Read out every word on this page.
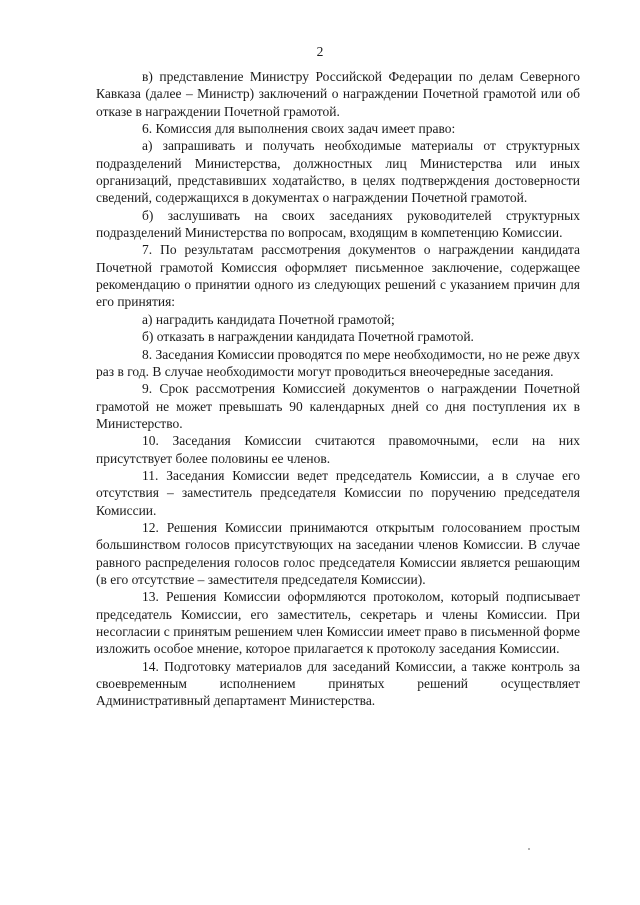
2

в) представление Министру Российской Федерации по делам Северного Кавказа (далее – Министр) заключений о награждении Почетной грамотой или об отказе в награждении Почетной грамотой.

6. Комиссия для выполнения своих задач имеет право:

а) запрашивать и получать необходимые материалы от структурных подразделений Министерства, должностных лиц Министерства или иных организаций, представивших ходатайство, в целях подтверждения достоверности сведений, содержащихся в документах о награждении Почетной грамотой.

б) заслушивать на своих заседаниях руководителей структурных подразделений Министерства по вопросам, входящим в компетенцию Комиссии.

7. По результатам рассмотрения документов о награждении кандидата Почетной грамотой Комиссия оформляет письменное заключение, содержащее рекомендацию о принятии одного из следующих решений с указанием причин для его принятия:

а) наградить кандидата Почетной грамотой;

б) отказать в награждении кандидата Почетной грамотой.

8. Заседания Комиссии проводятся по мере необходимости, но не реже двух раз в год. В случае необходимости могут проводиться внеочередные заседания.

9. Срок рассмотрения Комиссией документов о награждении Почетной грамотой не может превышать 90 календарных дней со дня поступления их в Министерство.

10. Заседания Комиссии считаются правомочными, если на них присутствует более половины ее членов.

11. Заседания Комиссии ведет председатель Комиссии, а в случае его отсутствия – заместитель председателя Комиссии по поручению председателя Комиссии.

12. Решения Комиссии принимаются открытым голосованием простым большинством голосов присутствующих на заседании членов Комиссии. В случае равного распределения голосов голос председателя Комиссии является решающим (в его отсутствие – заместителя председателя Комиссии).

13. Решения Комиссии оформляются протоколом, который подписывает председатель Комиссии, его заместитель, секретарь и члены Комиссии. При несогласии с принятым решением член Комиссии имеет право в письменной форме изложить особое мнение, которое прилагается к протоколу заседания Комиссии.

14. Подготовку материалов для заседаний Комиссии, а также контроль за своевременным исполнением принятых решений осуществляет Административный департамент Министерства.
